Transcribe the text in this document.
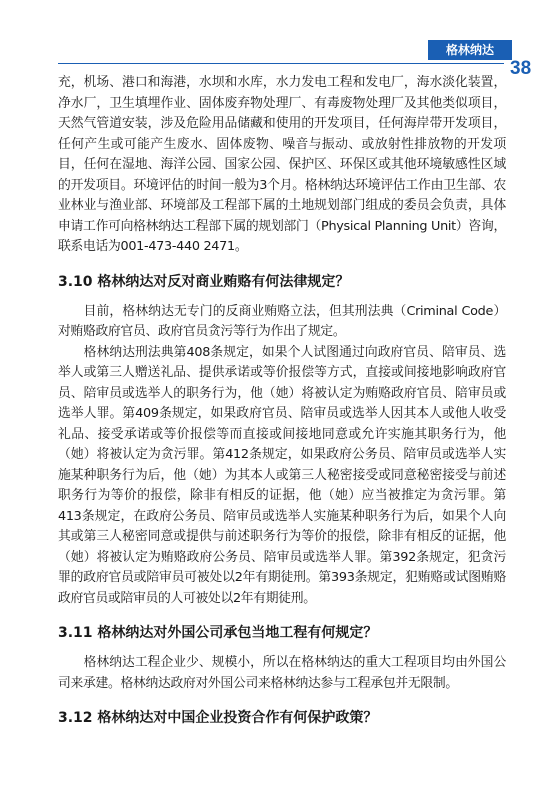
格林纳达
38

充，机场、港口和海港，水坝和水库，水力发电工程和发电厂，海水淡化装置，净水厂，卫生填埋作业、固体废弃物处理厂、有毒废物处理厂及其他类似项目，天然气管道安装，涉及危险用品储藏和使用的开发项目，任何海岸带开发项目，任何产生或可能产生废水、固体废物、噪音与振动、或放射性排放物的开发项目，任何在湿地、海洋公园、国家公园、保护区、环保区或其他环境敏感性区域的开发项目。环境评估的时间一般为3个月。格林纳达环境评估工作由卫生部、农业林业与渔业部、环境部及工程部下属的土地规划部门组成的委员会负责，具体申请工作可向格林纳达工程部下属的规划部门（Physical Planning Unit）咨询，联系电话为001-473-440 2471。

3.10 格林纳达对反对商业贿赂有何法律规定？

目前，格林纳达无专门的反商业贿赂立法，但其刑法典（Criminal Code）对贿赂政府官员、政府官员贪污等行为作出了规定。

格林纳达刑法典第408条规定，如果个人试图通过向政府官员、陪审员、选举人或第三人赠送礼品、提供承诺或等价报偿等方式，直接或间接地影响政府官员、陪审员或选举人的职务行为，他（她）将被认定为贿赂政府官员、陪审员或选举人罪。第409条规定，如果政府官员、陪审员或选举人因其本人或他人收受礼品、接受承诺或等价报偿等而直接或间接地同意或允许实施其职务行为，他（她）将被认定为贪污罪。第412条规定，如果政府公务员、陪审员或选举人实施某种职务行为后，他（她）为其本人或第三人秘密接受或同意秘密接受与前述职务行为等价的报偿，除非有相反的证据，他（她）应当被推定为贪污罪。第413条规定，在政府公务员、陪审员或选举人实施某种职务行为后，如果个人向其或第三人秘密同意或提供与前述职务行为等价的报偿，除非有相反的证据，他（她）将被认定为贿赂政府公务员、陪审员或选举人罪。第392条规定，犯贪污罪的政府官员或陪审员可被处以2年有期徒刑。第393条规定，犯贿赂或试图贿赂政府官员或陪审员的人可被处以2年有期徒刑。

3.11 格林纳达对外国公司承包当地工程有何规定？

格林纳达工程企业少、规模小，所以在格林纳达的重大工程项目均由外国公司来承建。格林纳达政府对外国公司来格林纳达参与工程承包并无限制。

3.12 格林纳达对中国企业投资合作有何保护政策？
